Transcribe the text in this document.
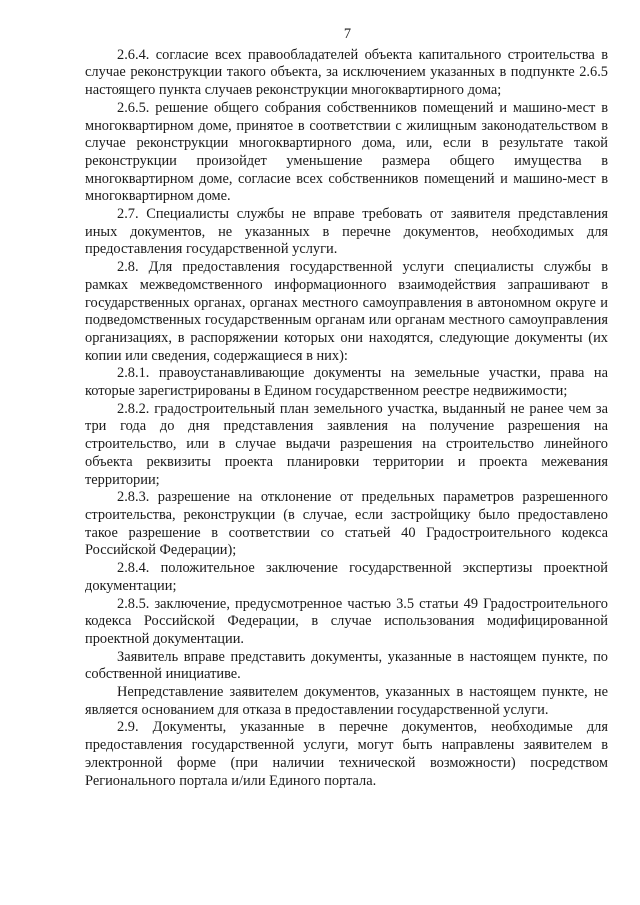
7

2.6.4. согласие всех правообладателей объекта капитального строительства в случае реконструкции такого объекта, за исключением указанных в подпункте 2.6.5 настоящего пункта случаев реконструкции многоквартирного дома;

2.6.5. решение общего собрания собственников помещений и машино-мест в многоквартирном доме, принятое в соответствии с жилищным законодательством в случае реконструкции многоквартирного дома, или, если в результате такой реконструкции произойдет уменьшение размера общего имущества в многоквартирном доме, согласие всех собственников помещений и машино-мест в многоквартирном доме.

2.7. Специалисты службы не вправе требовать от заявителя представления иных документов, не указанных в перечне документов, необходимых для предоставления государственной услуги.

2.8. Для предоставления государственной услуги специалисты службы в рамках межведомственного информационного взаимодействия запрашивают в государственных органах, органах местного самоуправления в автономном округе и подведомственных государственным органам или органам местного самоуправления организациях, в распоряжении которых они находятся, следующие документы (их копии или сведения, содержащиеся в них):

2.8.1. правоустанавливающие документы на земельные участки, права на которые зарегистрированы в Едином государственном реестре недвижимости;

2.8.2. градостроительный план земельного участка, выданный не ранее чем за три года до дня представления заявления на получение разрешения на строительство, или в случае выдачи разрешения на строительство линейного объекта реквизиты проекта планировки территории и проекта межевания территории;

2.8.3. разрешение на отклонение от предельных параметров разрешенного строительства, реконструкции (в случае, если застройщику было предоставлено такое разрешение в соответствии со статьей 40 Градостроительного кодекса Российской Федерации);

2.8.4. положительное заключение государственной экспертизы проектной документации;

2.8.5. заключение, предусмотренное частью 3.5 статьи 49 Градостроительного кодекса Российской Федерации, в случае использования модифицированной проектной документации.

Заявитель вправе представить документы, указанные в настоящем пункте, по собственной инициативе.

Непредставление заявителем документов, указанных в настоящем пункте, не является основанием для отказа в предоставлении государственной услуги.

2.9. Документы, указанные в перечне документов, необходимые для предоставления государственной услуги, могут быть направлены заявителем в электронной форме (при наличии технической возможности) посредством Регионального портала и/или Единого портала.
